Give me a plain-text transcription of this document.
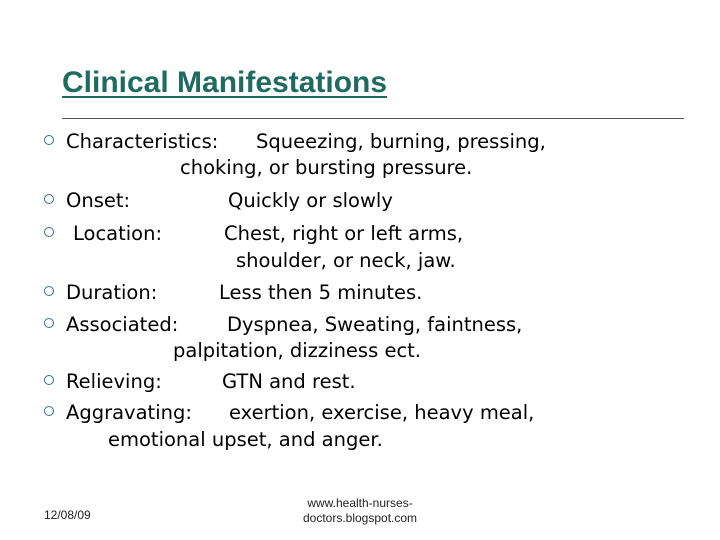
Clinical Manifestations
Characteristics: Squeezing, burning, pressing,
choking, or bursting pressure.
Onset:	Quickly or slowly
Location:	Chest, right or left arms,
shoulder, or neck, jaw.
Duration:	Less then 5 minutes.
Associated: Dyspnea, Sweating, faintness,
palpitation, dizziness ect.
Relieving:	GTN and rest.
Aggravating: exertion, exercise, heavy meal,
emotional upset, and anger.
12/08/09
www.health-nurses-
doctors.blogspot.com
